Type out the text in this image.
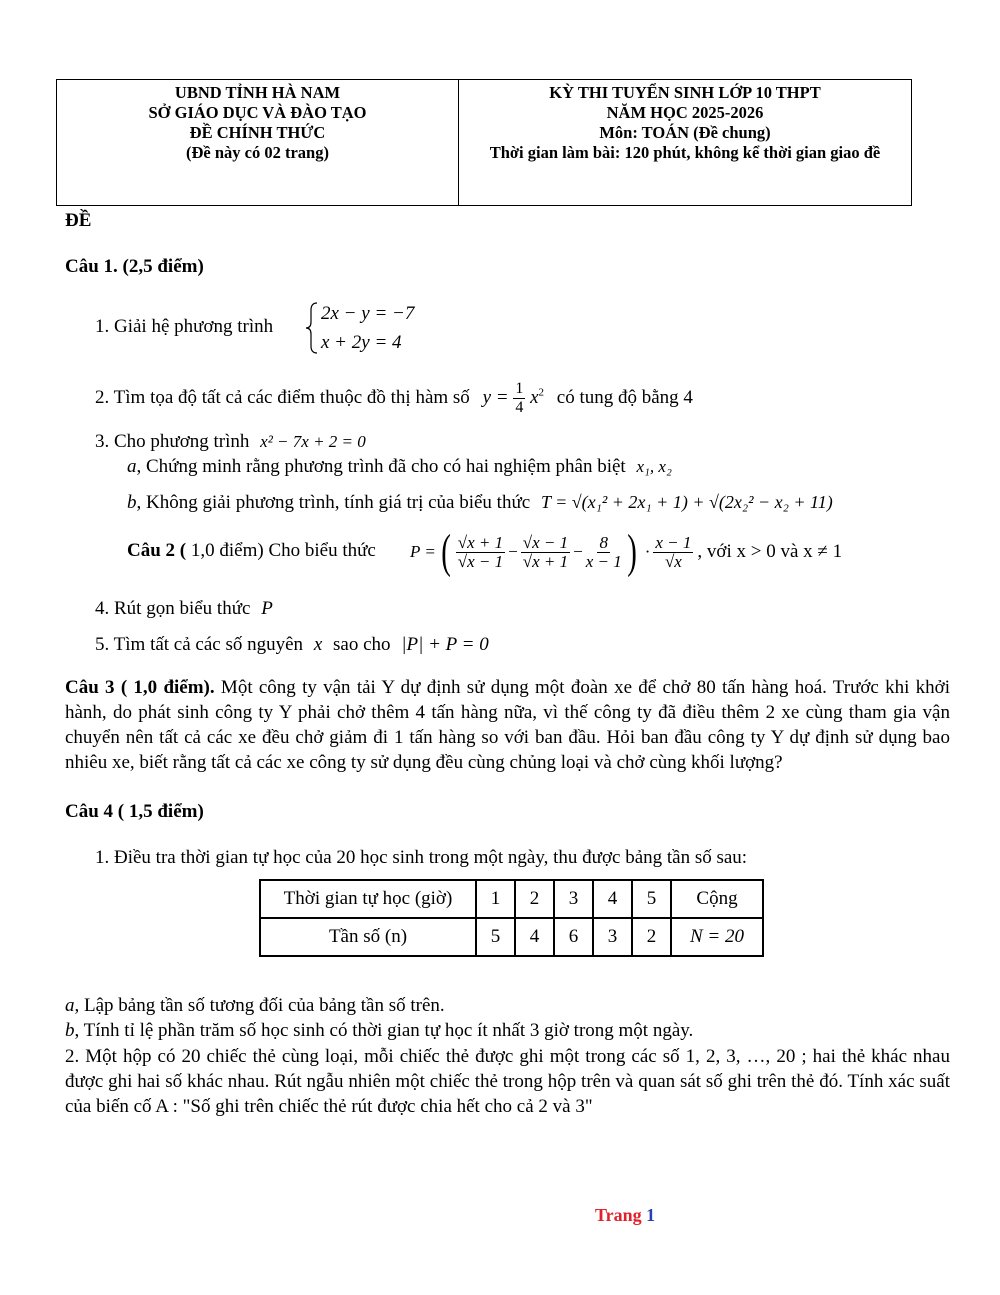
UBND TỈNH HÀ NAM
SỞ GIÁO DỤC VÀ ĐÀO TẠO
ĐỀ CHÍNH THỨC
(Đề này có 02 trang)
KỲ THI TUYỂN SINH LỚP 10 THPT
NĂM HỌC 2025-2026
Môn: TOÁN (Đề chung)
Thời gian làm bài: 120 phút, không kể thời gian giao đề
ĐỀ
Câu 1. (2,5 điểm)
1. Giải hệ phương trình
2x − y = −7
x + 2y = 4
2. Tìm tọa độ tất cả các điểm thuộc đồ thị hàm số $y = \frac{1}{4} x^2$ có tung độ bằng 4
3. Cho phương trình x² − 7x + 2 = 0
a, Chứng minh rằng phương trình đã cho có hai nghiệm phân biệt x₁, x₂
b, Không giải phương trình, tính giá trị của biểu thức T = √(x₁² + 2x₁ + 1) + √(2x₂² − x₂ + 11)
Câu 2 ( 1,0 điểm) Cho biểu thức P = ( $\frac{√x + 1}{√x - 1} - \frac{√x - 1}{√x + 1} - \frac{8}{x - 1}$ ) · $\frac{x - 1}{√x}$ , với x > 0 và x ≠ 1
4. Rút gọn biểu thức P
5. Tìm tất cả các số nguyên x sao cho |P| + P = 0
Câu 3 ( 1,0 điểm). Một công ty vận tải Y dự định sử dụng một đoàn xe để chở 80 tấn hàng hoá. Trước khi khởi hành, do phát sinh công ty Y phải chở thêm 4 tấn hàng nữa, vì thế công ty đã điều thêm 2 xe cùng tham gia vận chuyển nên tất cả các xe đều chở giảm đi 1 tấn hàng so với ban đầu. Hỏi ban đầu công ty Y dự định sử dụng bao nhiêu xe, biết rằng tất cả các xe công ty sử dụng đều cùng chủng loại và chở cùng khối lượng?
Câu 4 ( 1,5 điểm)
1. Điều tra thời gian tự học của 20 học sinh trong một ngày, thu được bảng tần số sau:
Thời gian tự học (giờ)	1	2	3	4	5	Cộng
Tần số (n)	5	4	6	3	2	N = 20
a, Lập bảng tần số tương đối của bảng tần số trên.
b, Tính tỉ lệ phần trăm số học sinh có thời gian tự học ít nhất 3 giờ trong một ngày.
2. Một hộp có 20 chiếc thẻ cùng loại, mỗi chiếc thẻ được ghi một trong các số 1, 2, 3, …, 20 ; hai thẻ khác nhau được ghi hai số khác nhau. Rút ngẫu nhiên một chiếc thẻ trong hộp trên và quan sát số ghi trên thẻ đó. Tính xác suất của biến cố A : "Số ghi trên chiếc thẻ rút được chia hết cho cả 2 và 3"
Trang 1
